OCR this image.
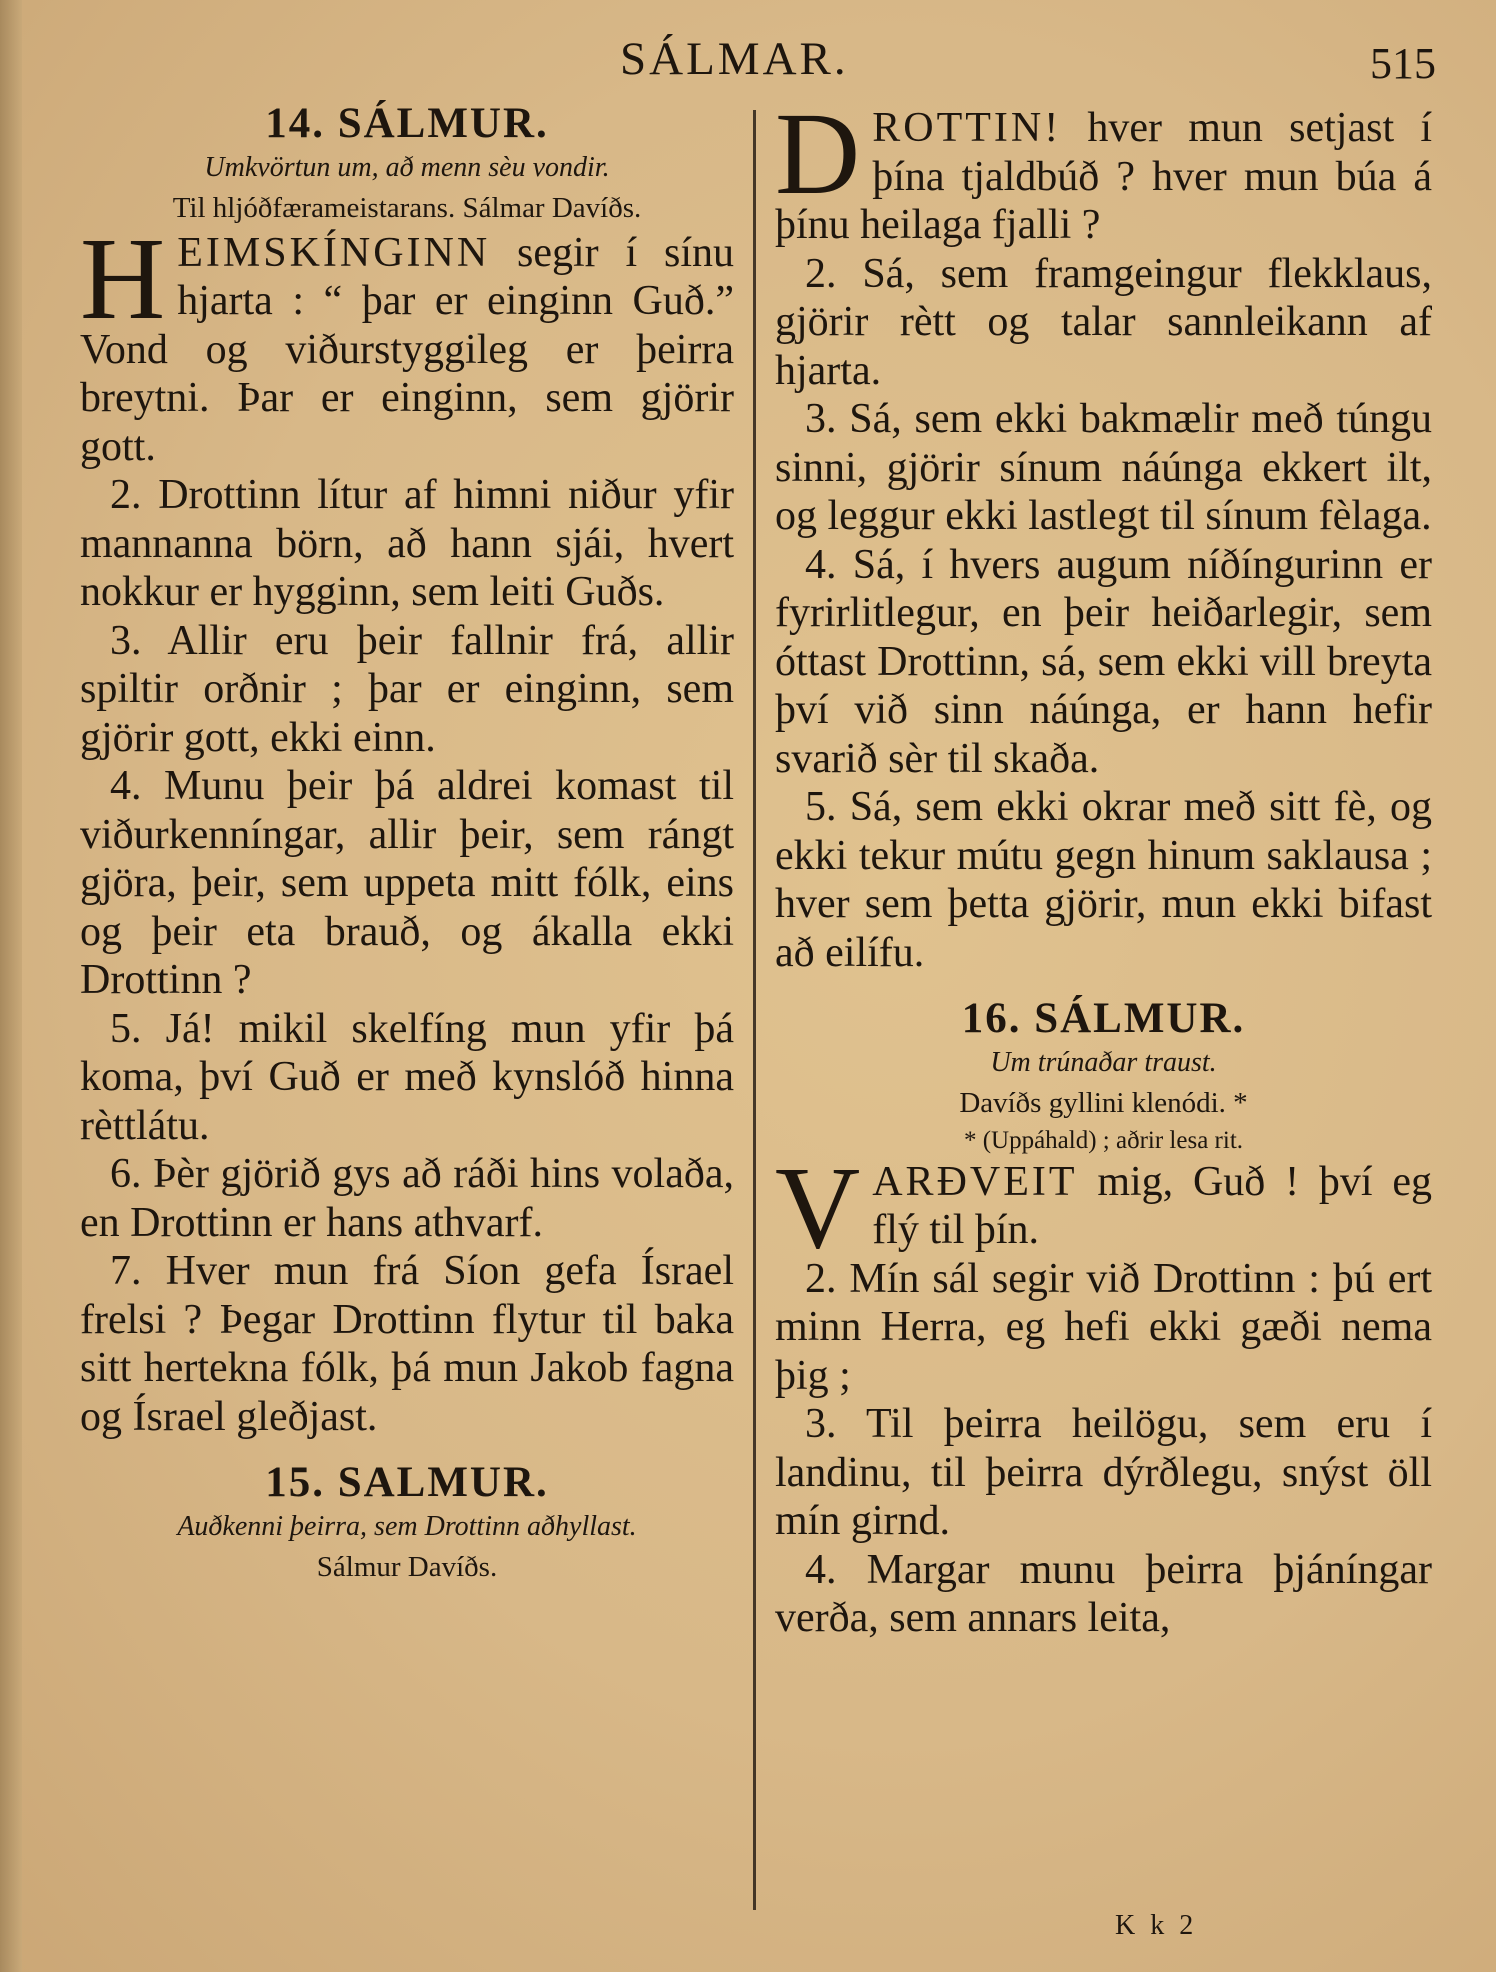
SÁLMAR.	515
14. SÁLMUR.
Umkvörtun um, að menn sèu vondir.
Til hljóðfærameistarans. Sálmar Davíðs.

HEIMSKÍNGINN segir í sínu hjarta : “ þar er einginn Guð.” Vond og viðurstyggileg er þeirra breytni. Þar er einginn, sem gjörir gott.

2. Drottinn lítur af himni niður yfir mannanna börn, að hann sjái, hvert nokkur er hygginn, sem leiti Guðs.

3. Allir eru þeir fallnir frá, allir spiltir orðnir ; þar er einginn, sem gjörir gott, ekki einn.

4. Munu þeir þá aldrei komast til viðurkenníngar, allir þeir, sem rángt gjöra, þeir, sem uppeta mitt fólk, eins og þeir eta brauð, og ákalla ekki Drottinn ?

5. Já! mikil skelfíng mun yfir þá koma, því Guð er með kynslóð hinna rèttlátu.

6. Þèr gjörið gys að ráði hins volaða, en Drottinn er hans athvarf.

7. Hver mun frá Síon gefa Ísrael frelsi ? Þegar Drottinn flytur til baka sitt hertekna fólk, þá mun Jakob fagna og Ísrael gleðjast.

15. SALMUR.
Auðkenni þeirra, sem Drottinn aðhyllast.
Sálmur Davíðs.

DROTTIN! hver mun setjast í þína tjaldbúð ? hver mun búa á þínu heilaga fjalli ?

2. Sá, sem framgeingur flekklaus, gjörir rètt og talar sannleikann af hjarta.

3. Sá, sem ekki bakmælir með túngu sinni, gjörir sínum náúnga ekkert ilt, og leggur ekki lastlegt til sínum fèlaga.

4. Sá, í hvers augum níðíngurinn er fyrirlitlegur, en þeir heiðarlegir, sem óttast Drottinn, sá, sem ekki vill breyta því við sinn náúnga, er hann hefir svarið sèr til skaða.

5. Sá, sem ekki okrar með sitt fè, og ekki tekur mútu gegn hinum saklausa ; hver sem þetta gjörir, mun ekki bifast að eilífu.

16. SÁLMUR.
Um trúnaðar traust.
Davíðs gyllini klenódi. *
* (Uppáhald) ; aðrir lesa rit.

VARÐVEIT mig, Guð ! því eg flý til þín.

2. Mín sál segir við Drottinn : þú ert minn Herra, eg hefi ekki gæði nema þig ;

3. Til þeirra heilögu, sem eru í landinu, til þeirra dýrðlegu, snýst öll mín girnd.

4. Margar munu þeirra þjáníngar verða, sem annars leita,

K k 2
